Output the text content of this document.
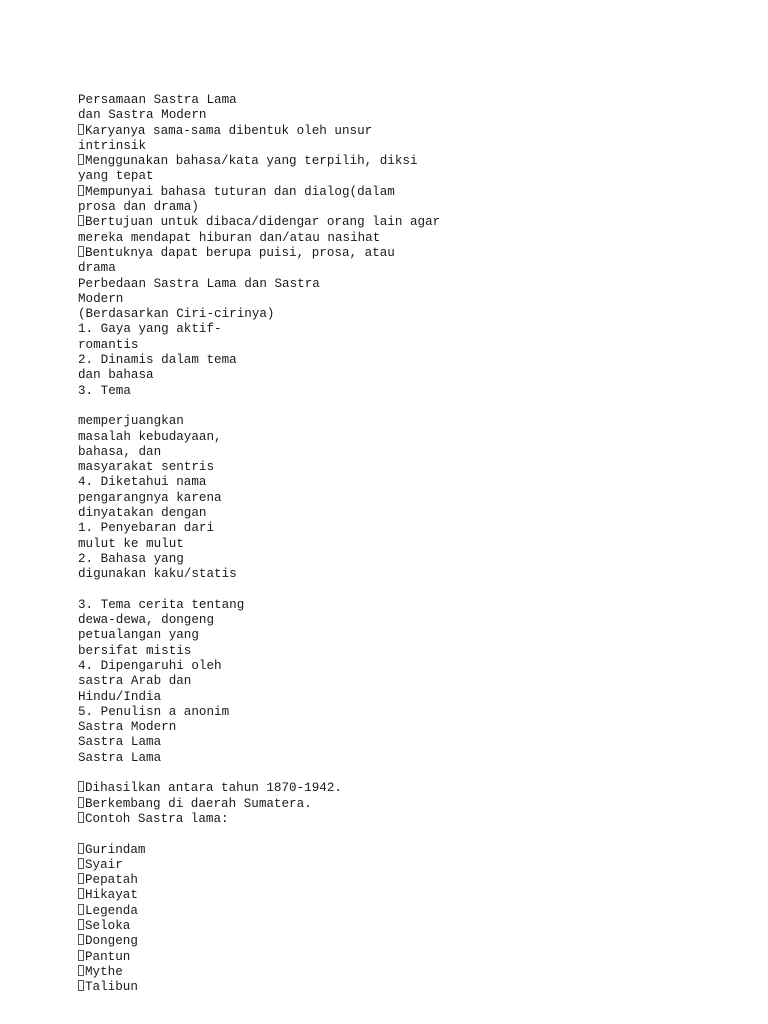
Persamaan Sastra Lama
dan Sastra Modern
Karyanya sama-sama dibentuk oleh unsur
intrinsik
Menggunakan bahasa/kata yang terpilih, diksi
yang tepat
Mempunyai bahasa tuturan dan dialog(dalam
prosa dan drama)
Bertujuan untuk dibaca/didengar orang lain agar
mereka mendapat hiburan dan/atau nasihat
Bentuknya dapat berupa puisi, prosa, atau
drama
Perbedaan Sastra Lama dan Sastra
Modern
(Berdasarkan Ciri-cirinya)
1. Gaya yang aktif-
romantis
2. Dinamis dalam tema
dan bahasa
3. Tema
memperjuangkan
masalah kebudayaan,
bahasa, dan
masyarakat sentris
4. Diketahui nama
pengarangnya karena
dinyatakan dengan
1. Penyebaran dari
mulut ke mulut
2. Bahasa yang
digunakan kaku/statis
3. Tema cerita tentang
dewa-dewa, dongeng
petualangan yang
bersifat mistis
4. Dipengaruhi oleh
sastra Arab dan
Hindu/India
5. Penulisn a anonim
Sastra Modern
Sastra Lama
Sastra Lama
Dihasilkan antara tahun 1870-1942.
Berkembang di daerah Sumatera.
Contoh Sastra lama:
Gurindam
Syair
Pepatah
Hikayat
Legenda
Seloka
Dongeng
Pantun
Mythe
Talibun
